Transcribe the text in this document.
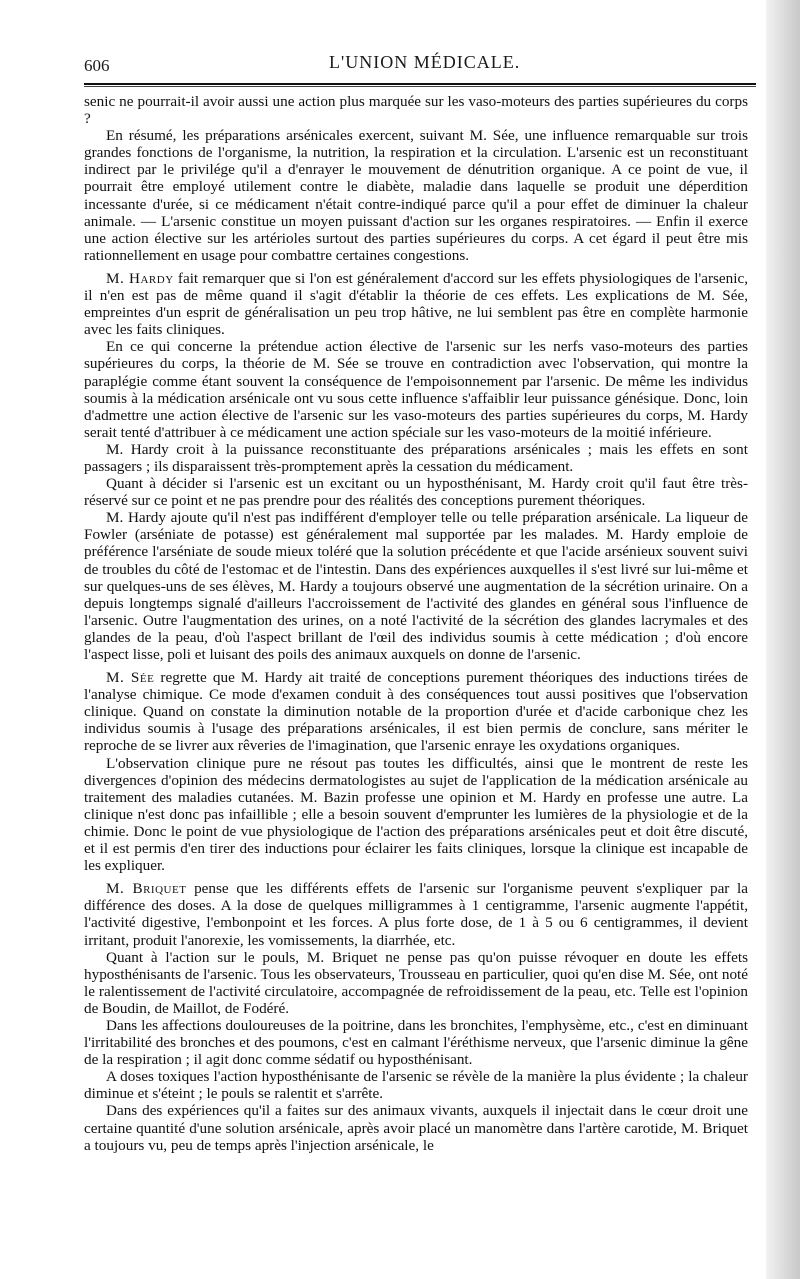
606	L'UNION MÉDICALE.

senic ne pourrait-il avoir aussi une action plus marquée sur les vaso-moteurs des parties supérieures du corps ?

En résumé, les préparations arsénicales exercent, suivant M. Sée, une influence remarquable sur trois grandes fonctions de l'organisme, la nutrition, la respiration et la circulation. L'arsenic est un reconstituant indirect par le privilége qu'il a d'enrayer le mouvement de dénutrition organique. A ce point de vue, il pourrait être employé utilement contre le diabète, maladie dans laquelle se produit une déperdition incessante d'urée, si ce médicament n'était contre-indiqué parce qu'il a pour effet de diminuer la chaleur animale. — L'arsenic constitue un moyen puissant d'action sur les organes respiratoires. — Enfin il exerce une action élective sur les artérioles surtout des parties supérieures du corps. A cet égard il peut être mis rationnellement en usage pour combattre certaines congestions.

M. Hardy fait remarquer que si l'on est généralement d'accord sur les effets physiologiques de l'arsenic, il n'en est pas de même quand il s'agit d'établir la théorie de ces effets. Les explications de M. Sée, empreintes d'un esprit de généralisation un peu trop hâtive, ne lui semblent pas être en complète harmonie avec les faits cliniques.

En ce qui concerne la prétendue action élective de l'arsenic sur les nerfs vaso-moteurs des parties supérieures du corps, la théorie de M. Sée se trouve en contradiction avec l'observation, qui montre la paraplégie comme étant souvent la conséquence de l'empoisonnement par l'arsenic. De même les individus soumis à la médication arsénicale ont vu sous cette influence s'affaiblir leur puissance génésique. Donc, loin d'admettre une action élective de l'arsenic sur les vaso-moteurs des parties supérieures du corps, M. Hardy serait tenté d'attribuer à ce médicament une action spéciale sur les vaso-moteurs de la moitié inférieure.

M. Hardy croit à la puissance reconstituante des préparations arsénicales ; mais les effets en sont passagers ; ils disparaissent très-promptement après la cessation du médicament.

Quant à décider si l'arsenic est un excitant ou un hyposthénisant, M. Hardy croit qu'il faut être très-réservé sur ce point et ne pas prendre pour des réalités des conceptions purement théoriques.

M. Hardy ajoute qu'il n'est pas indifférent d'employer telle ou telle préparation arsénicale. La liqueur de Fowler (arséniate de potasse) est généralement mal supportée par les malades. M. Hardy emploie de préférence l'arséniate de soude mieux toléré que la solution précédente et que l'acide arsénieux souvent suivi de troubles du côté de l'estomac et de l'intestin. Dans des expériences auxquelles il s'est livré sur lui-même et sur quelques-uns de ses élèves, M. Hardy a toujours observé une augmentation de la sécrétion urinaire. On a depuis longtemps signalé d'ailleurs l'accroissement de l'activité des glandes en général sous l'influence de l'arsenic. Outre l'augmentation des urines, on a noté l'activité de la sécrétion des glandes lacrymales et des glandes de la peau, d'où l'aspect brillant de l'œil des individus soumis à cette médication ; d'où encore l'aspect lisse, poli et luisant des poils des animaux auxquels on donne de l'arsenic.

M. Sée regrette que M. Hardy ait traité de conceptions purement théoriques des inductions tirées de l'analyse chimique. Ce mode d'examen conduit à des conséquences tout aussi positives que l'observation clinique. Quand on constate la diminution notable de la proportion d'urée et d'acide carbonique chez les individus soumis à l'usage des préparations arsénicales, il est bien permis de conclure, sans mériter le reproche de se livrer aux rêveries de l'imagination, que l'arsenic enraye les oxydations organiques.

L'observation clinique pure ne résout pas toutes les difficultés, ainsi que le montrent de reste les divergences d'opinion des médecins dermatologistes au sujet de l'application de la médication arsénicale au traitement des maladies cutanées. M. Bazin professe une opinion et M. Hardy en professe une autre. La clinique n'est donc pas infaillible ; elle a besoin souvent d'emprunter les lumières de la physiologie et de la chimie. Donc le point de vue physiologique de l'action des préparations arsénicales peut et doit être discuté, et il est permis d'en tirer des inductions pour éclairer les faits cliniques, lorsque la clinique est incapable de les expliquer.

M. Briquet pense que les différents effets de l'arsenic sur l'organisme peuvent s'expliquer par la différence des doses. A la dose de quelques milligrammes à 1 centigramme, l'arsenic augmente l'appétit, l'activité digestive, l'embonpoint et les forces. A plus forte dose, de 1 à 5 ou 6 centigrammes, il devient irritant, produit l'anorexie, les vomissements, la diarrhée, etc.

Quant à l'action sur le pouls, M. Briquet ne pense pas qu'on puisse révoquer en doute les effets hyposthénisants de l'arsenic. Tous les observateurs, Trousseau en particulier, quoi qu'en dise M. Sée, ont noté le ralentissement de l'activité circulatoire, accompagnée de refroidissement de la peau, etc. Telle est l'opinion de Boudin, de Maillot, de Fodéré.

Dans les affections douloureuses de la poitrine, dans les bronchites, l'emphysème, etc., c'est en diminuant l'irritabilité des bronches et des poumons, c'est en calmant l'éréthisme nerveux, que l'arsenic diminue la gêne de la respiration ; il agit donc comme sédatif ou hyposthénisant.

A doses toxiques l'action hyposthénisante de l'arsenic se révèle de la manière la plus évidente ; la chaleur diminue et s'éteint ; le pouls se ralentit et s'arrête.

Dans des expériences qu'il a faites sur des animaux vivants, auxquels il injectait dans le cœur droit une certaine quantité d'une solution arsénicale, après avoir placé un manomètre dans l'artère carotide, M. Briquet a toujours vu, peu de temps après l'injection arsénicale, le
